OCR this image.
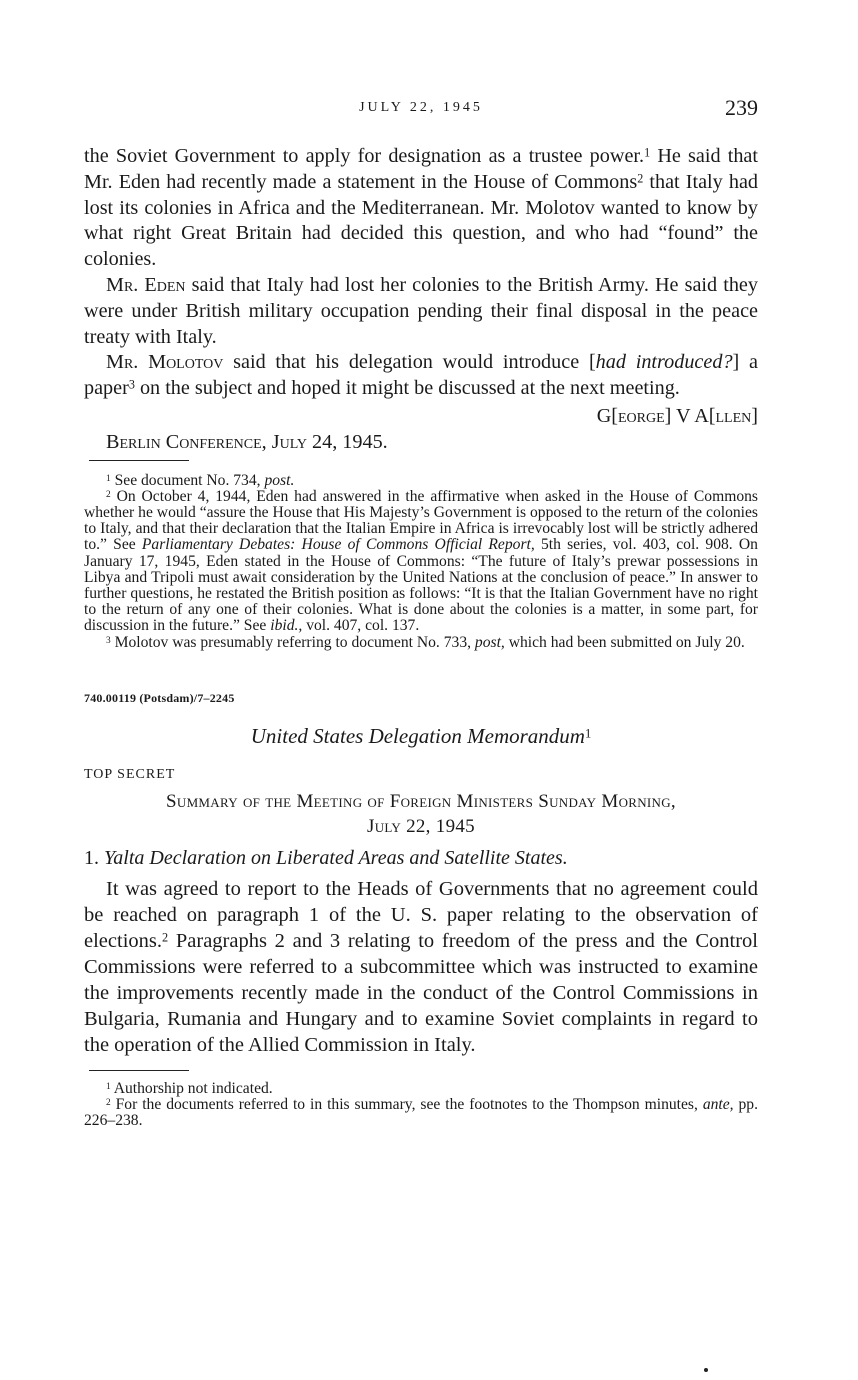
JULY 22, 1945	239

the Soviet Government to apply for designation as a trustee power.$^1$ He said that Mr. Eden had recently made a statement in the House of Commons$^2$ that Italy had lost its colonies in Africa and the Mediterranean. Mr. Molotov wanted to know by what right Great Britain had decided this question, and who had “found” the colonies.

Mr. Eden said that Italy had lost her colonies to the British Army. He said they were under British military occupation pending their final disposal in the peace treaty with Italy.

Mr. Molotov said that his delegation would introduce [had introduced?] a paper$^3$ on the subject and hoped it might be discussed at the next meeting.

G[eorge] V A[llen]

Berlin Conference, July 24, 1945.

$^1$ See document No. 734, post.

$^2$ On October 4, 1944, Eden had answered in the affirmative when asked in the House of Commons whether he would “assure the House that His Majesty’s Government is opposed to the return of the colonies to Italy, and that their declaration that the Italian Empire in Africa is irrevocably lost will be strictly adhered to.” See Parliamentary Debates: House of Commons Official Report, 5th series, vol. 403, col. 908. On January 17, 1945, Eden stated in the House of Commons: “The future of Italy’s prewar possessions in Libya and Tripoli must await consideration by the United Nations at the conclusion of peace.” In answer to further questions, he restated the British position as follows: “It is that the Italian Government have no right to the return of any one of their colonies. What is done about the colonies is a matter, in some part, for discussion in the future.” See ibid., vol. 407, col. 137.

$^3$ Molotov was presumably referring to document No. 733, post, which had been submitted on July 20.

740.00119 (Potsdam)/7–2245
United States Delegation Memorandum$^1$
TOP SECRET
Summary of the Meeting of Foreign Ministers Sunday Morning,
July 22, 1945
1. Yalta Declaration on Liberated Areas and Satellite States.

It was agreed to report to the Heads of Governments that no agreement could be reached on paragraph 1 of the U. S. paper relating to the observation of elections.$^2$ Paragraphs 2 and 3 relating to freedom of the press and the Control Commissions were referred to a subcommittee which was instructed to examine the improvements recently made in the conduct of the Control Commissions in Bulgaria, Rumania and Hungary and to examine Soviet complaints in regard to the operation of the Allied Commission in Italy.

$^1$ Authorship not indicated.

$^2$ For the documents referred to in this summary, see the footnotes to the Thompson minutes, ante, pp. 226–238.
